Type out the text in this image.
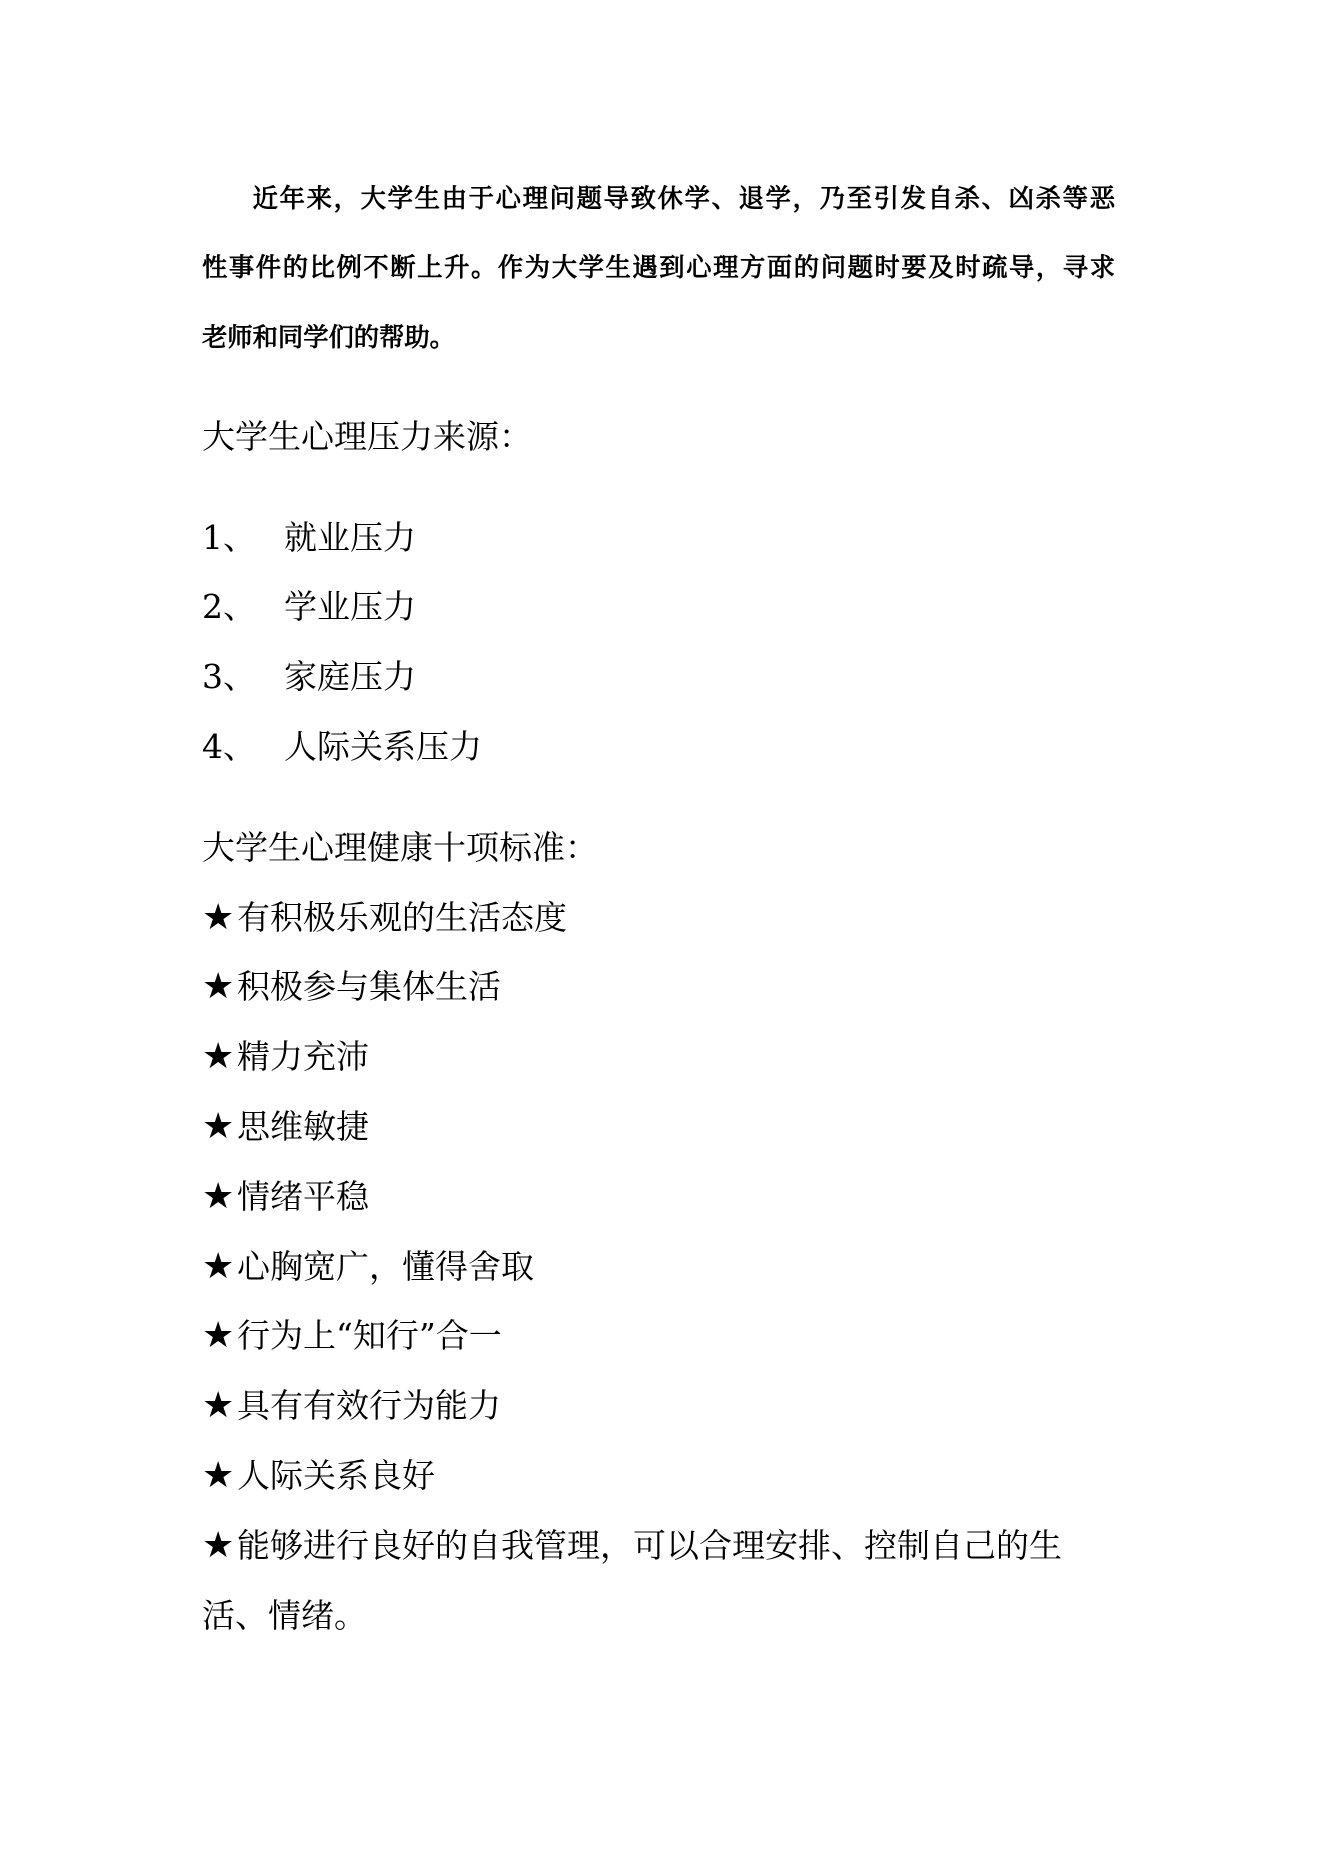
近年来，大学生由于心理问题导致休学、退学，乃至引发自杀、凶杀等恶
性事件的比例不断上升。作为大学生遇到心理方面的问题时要及时疏导，寻求
老师和同学们的帮助。
大学生心理压力来源：
1、 就业压力
2、 学业压力
3、 家庭压力
4、 人际关系压力
大学生心理健康十项标准：
★有积极乐观的生活态度
★积极参与集体生活
★精力充沛
★思维敏捷
★情绪平稳
★心胸宽广，懂得舍取
★行为上“知行”合一
★具有有效行为能力
★人际关系良好
★能够进行良好的自我管理，可以合理安排、控制自己的生
活、情绪。
